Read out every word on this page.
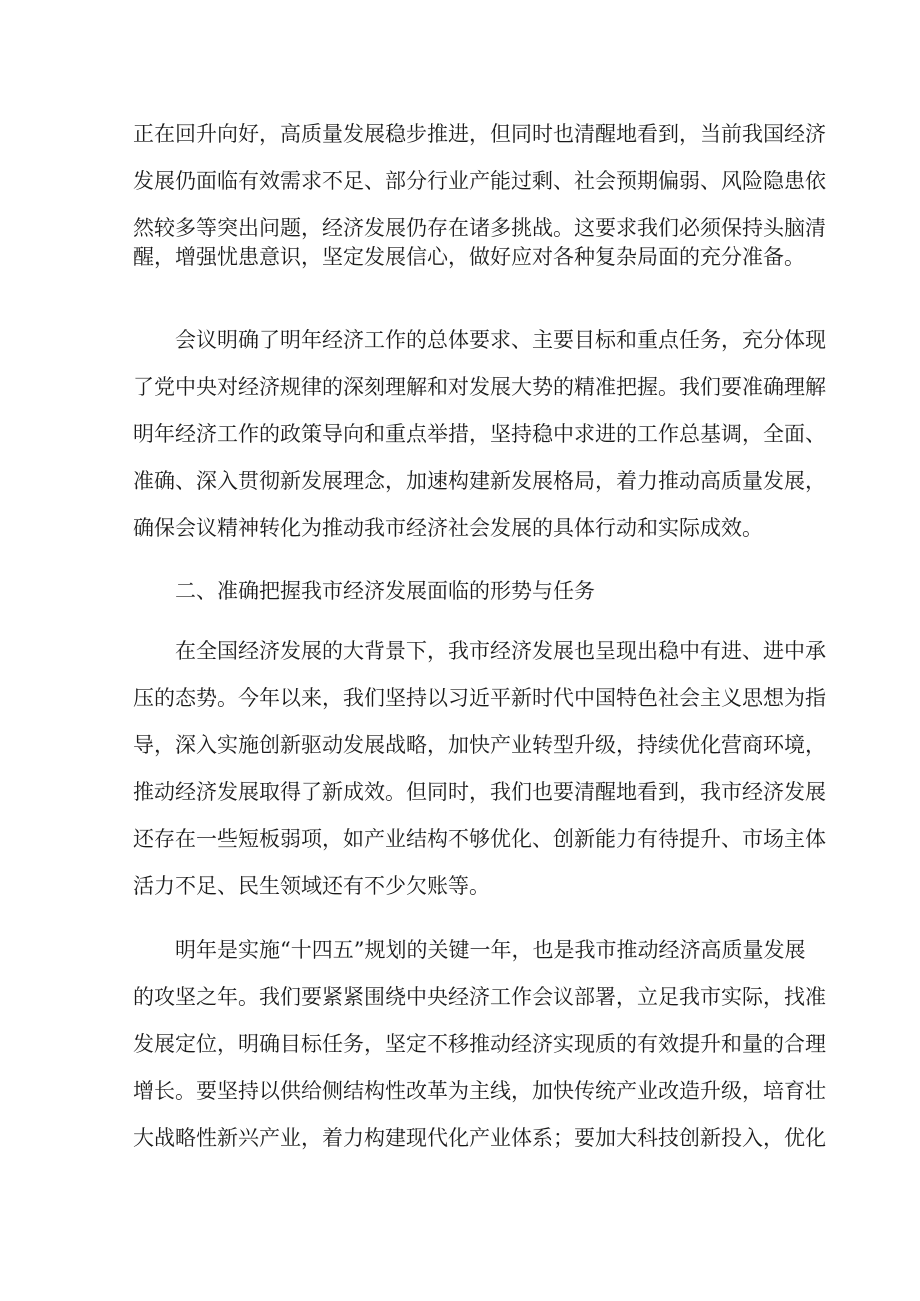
正在回升向好，高质量发展稳步推进，但同时也清醒地看到，当前我国经济
发展仍面临有效需求不足、部分行业产能过剩、社会预期偏弱、风险隐患依
然较多等突出问题，经济发展仍存在诸多挑战。这要求我们必须保持头脑清
醒，增强忧患意识，坚定发展信心，做好应对各种复杂局面的充分准备。
会议明确了明年经济工作的总体要求、主要目标和重点任务，充分体现
了党中央对经济规律的深刻理解和对发展大势的精准把握。我们要准确理解
明年经济工作的政策导向和重点举措，坚持稳中求进的工作总基调，全面、
准确、深入贯彻新发展理念，加速构建新发展格局，着力推动高质量发展，
确保会议精神转化为推动我市经济社会发展的具体行动和实际成效。
二、准确把握我市经济发展面临的形势与任务
在全国经济发展的大背景下，我市经济发展也呈现出稳中有进、进中承
压的态势。今年以来，我们坚持以习近平新时代中国特色社会主义思想为指
导，深入实施创新驱动发展战略，加快产业转型升级，持续优化营商环境，
推动经济发展取得了新成效。但同时，我们也要清醒地看到，我市经济发展
还存在一些短板弱项，如产业结构不够优化、创新能力有待提升、市场主体
活力不足、民生领域还有不少欠账等。
明年是实施“十四五”规划的关键一年，也是我市推动经济高质量发展
的攻坚之年。我们要紧紧围绕中央经济工作会议部署，立足我市实际，找准
发展定位，明确目标任务，坚定不移推动经济实现质的有效提升和量的合理
增长。要坚持以供给侧结构性改革为主线，加快传统产业改造升级，培育壮
大战略性新兴产业，着力构建现代化产业体系；要加大科技创新投入，优化
